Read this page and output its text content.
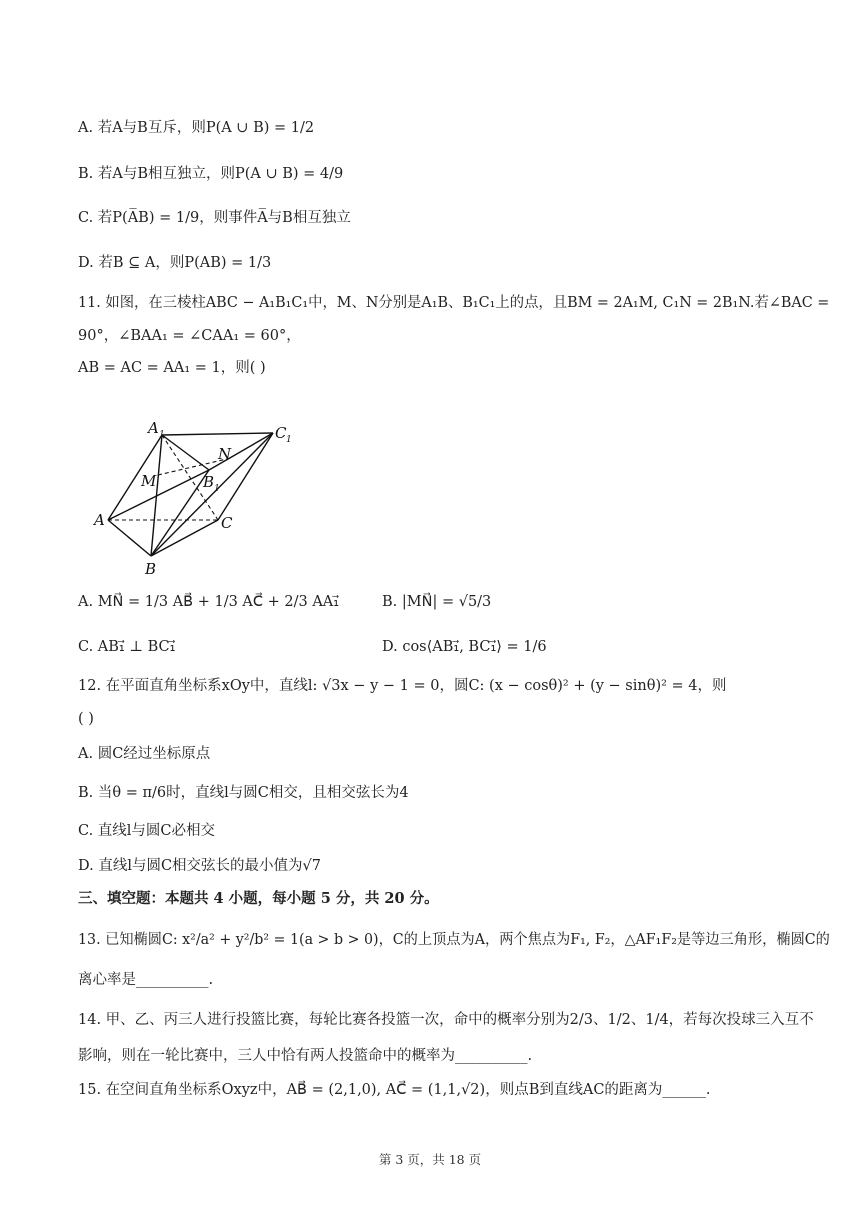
A. 若A与B互斥，则P(A ∪ B) = 1/2
B. 若A与B相互独立，则P(A ∪ B) = 4/9
C. 若P(A̅B) = 1/9，则事件A̅与B相互独立
D. 若B ⊆ A，则P(AB) = 1/3
11. 如图，在三棱柱ABC − A₁B₁C₁中，M、N分别是A₁B、B₁C₁上的点，且BM = 2A₁M, C₁N = 2B₁N.若∠BAC =
90°，∠BAA₁ = ∠CAA₁ = 60°，
AB = AC = AA₁ = 1，则( )
A 1	C 1
N
M	B 1
A	C
B
A. MN⃗ = 1/3 AB⃗ + 1/3 AC⃗ + 2/3 AA₁⃗	B. |MN⃗| = √5/3
C. AB₁⃗ ⊥ BC₁⃗	D. cos⟨AB₁⃗, BC₁⃗⟩ = 1/6
12. 在平面直角坐标系xOy中，直线l: √3x − y − 1 = 0，圆C: (x − cosθ)² + (y − sinθ)² = 4，则
( )
A. 圆C经过坐标原点
B. 当θ = π/6时，直线l与圆C相交，且相交弦长为4
C. 直线l与圆C必相交
D. 直线l与圆C相交弦长的最小值为√7
三、填空题：本题共 4 小题，每小题 5 分，共 20 分。
13. 已知椭圆C: x²/a² + y²/b² = 1(a > b > 0)，C的上顶点为A，两个焦点为F₁, F₂，△AF₁F₂是等边三角形，椭圆C的
离心率是__________.
14. 甲、乙、丙三人进行投篮比赛，每轮比赛各投篮一次，命中的概率分别为2/3、1/2、1/4，若每次投球三入互不
影响，则在一轮比赛中，三人中恰有两人投篮命中的概率为__________.
15. 在空间直角坐标系Oxyz中，AB⃗ = (2,1,0), AC⃗ = (1,1,√2)，则点B到直线AC的距离为______.
第 3 页，共 18 页
